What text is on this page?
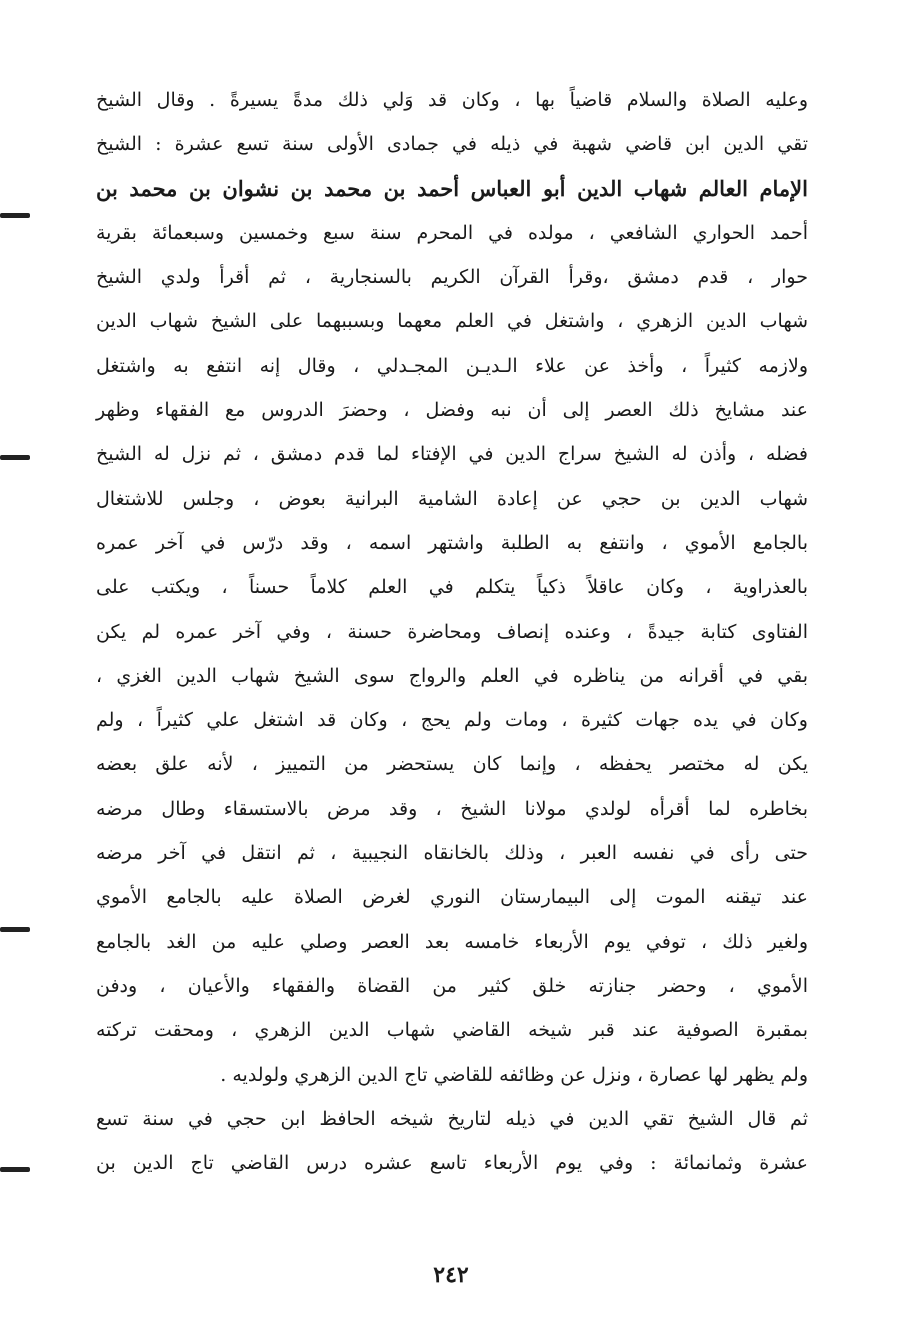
وعليه الصلاة والسلام قاضياً بها ، وكان قد وَلي ذلك مدةً يسيرةً . وقال الشيخ
تقي الدين ابن قاضي شهبة في ذيله في جمادى الأولى سنة تسع عشرة : الشيخ
الإمام العالم شهاب الدين أبو العباس أحمد بن محمد بن نشوان بن محمد بن
أحمد الحواري الشافعي ، مولده في المحرم سنة سبع وخمسين وسبعمائة بقرية
حوار ، قدم دمشق ،وقرأ القرآن الكريم بالسنجارية ، ثم أقرأ ولدي الشيخ
شهاب الدين الزهري ، واشتغل في العلم معهما وبسببهما على الشيخ شهاب الدين
ولازمه كثيراً ، وأخذ عن علاء الـديـن المجـدلي ، وقال إنه انتفع به واشتغل
عند مشايخ ذلك العصر إلى أن نبه وفضل ، وحضرَ الدروس مع الفقهاء وظهر
فضله ، وأذن له الشيخ سراج الدين في الإفتاء لما قدم دمشق ، ثم نزل له الشيخ
شهاب الدين بن حجي عن إعادة الشامية البرانية بعوض ، وجلس للاشتغال
بالجامع الأموي ، وانتفع به الطلبة واشتهر اسمه ، وقد درّس في آخر عمره
بالعذراوية ، وكان عاقلاً ذكياً يتكلم في العلم كلاماً حسناً ، ويكتب على
الفتاوى كتابة جيدةً ، وعنده إنصاف ومحاضرة حسنة ، وفي آخر عمره لم يكن
بقي في أقرانه من يناظره في العلم والرواج سوى الشيخ شهاب الدين الغزي ،
وكان في يده جهات كثيرة ، ومات ولم يحج ، وكان قد اشتغل علي كثيراً ، ولم
يكن له مختصر يحفظه ، وإنما كان يستحضر من التمييز ، لأنه علق بعضه
بخاطره لما أقرأه لولدي مولانا الشيخ ، وقد مرض بالاستسقاء وطال مرضه
حتى رأى في نفسه العبر ، وذلك بالخانقاه النجيبية ، ثم انتقل في آخر مرضه
عند تيقنه الموت إلى البيمارستان النوري لغرض الصلاة عليه بالجامع الأموي
ولغير ذلك ، توفي يوم الأربعاء خامسه بعد العصر وصلي عليه من الغد بالجامع
الأموي ، وحضر جنازته خلق كثير من القضاة والفقهاء والأعيان ، ودفن
بمقبرة الصوفية عند قبر شيخه القاضي شهاب الدين الزهري ، ومحقت تركته
ولم يظهر لها عصارة ، ونزل عن وظائفه للقاضي تاج الدين الزهري ولولديه .
ثم قال الشيخ تقي الدين في ذيله لتاريخ شيخه الحافظ ابن حجي في سنة تسع
عشرة وثمانمائة : وفي يوم الأربعاء تاسع عشره درس القاضي تاج الدين بن
٢٤٢
